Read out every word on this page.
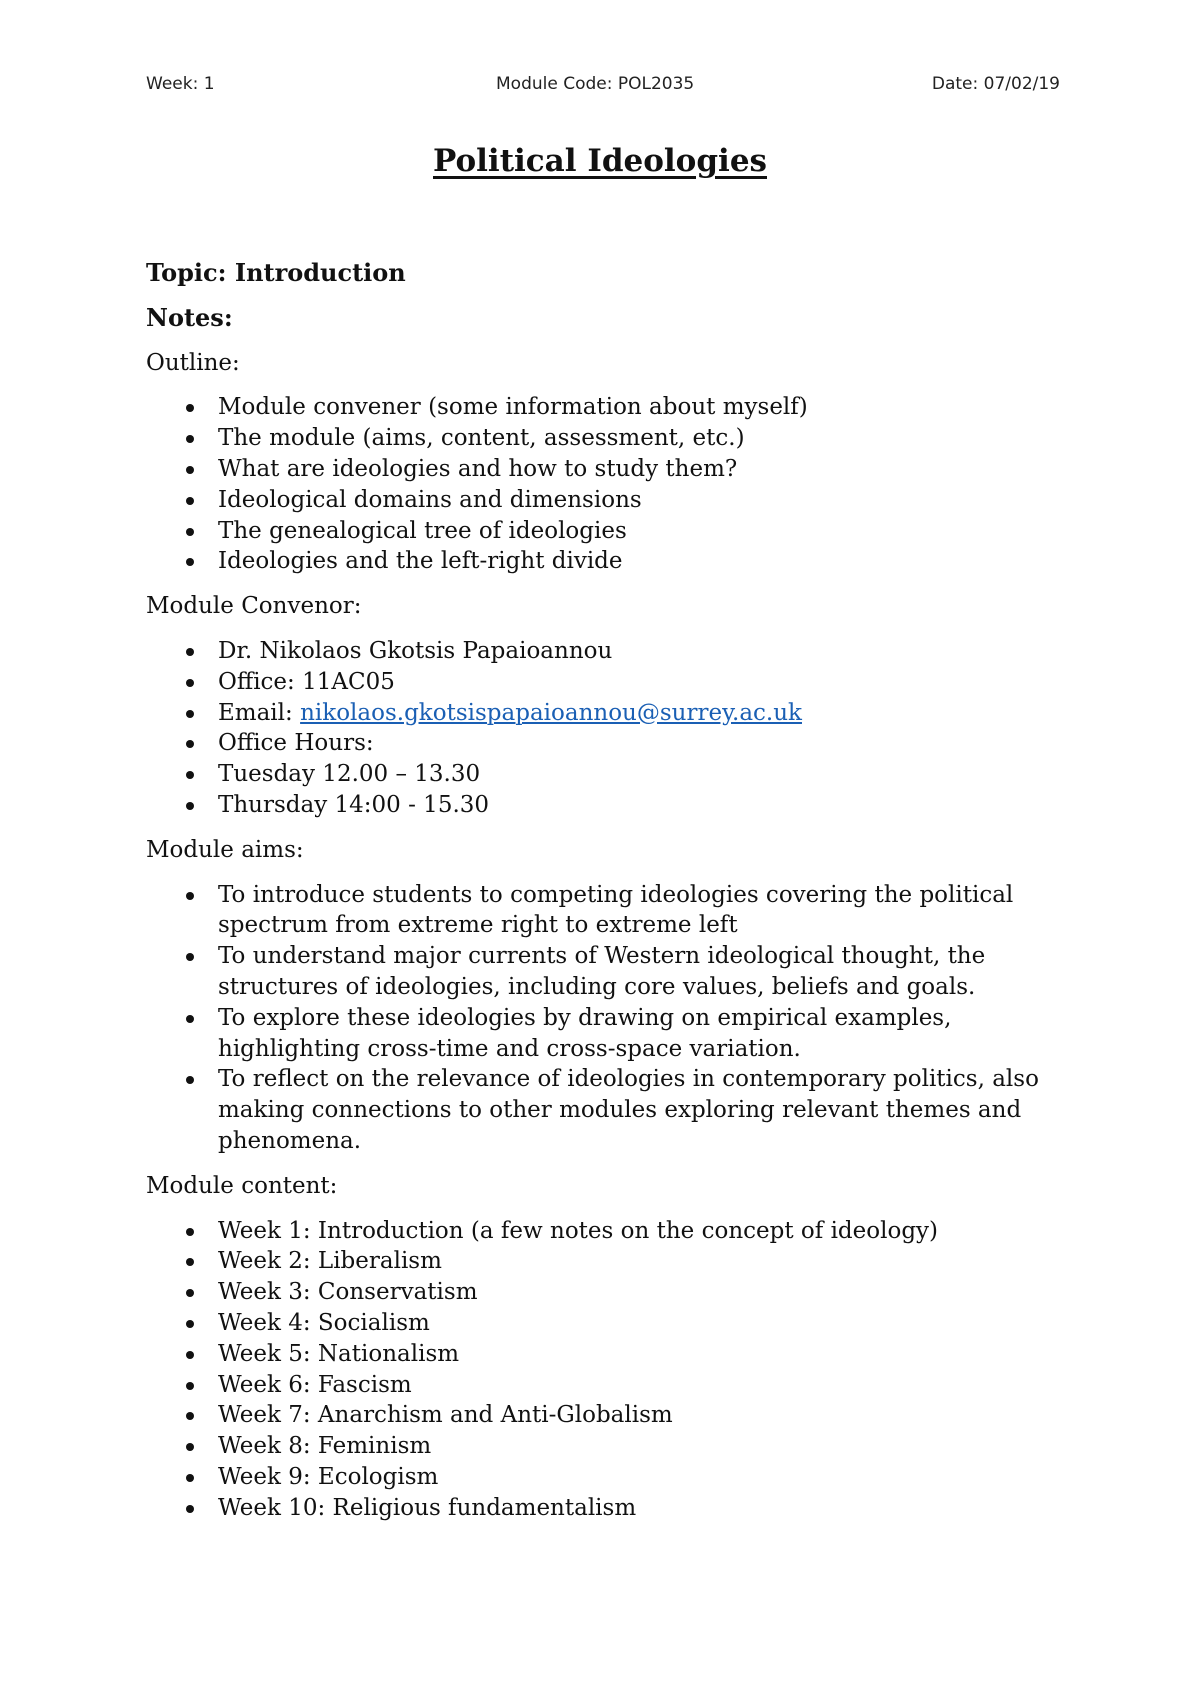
Week: 1	Module Code: POL2035	Date: 07/02/19
Political Ideologies

Topic: Introduction

Notes:

Outline:

Module convener (some information about myself)
The module (aims, content, assessment, etc.)
What are ideologies and how to study them?
Ideological domains and dimensions
The genealogical tree of ideologies
Ideologies and the left-right divide

Module Convenor:

Dr. Nikolaos Gkotsis Papaioannou
Office: 11AC05
Email: nikolaos.gkotsispapaioannou@surrey.ac.uk
Office Hours:
Tuesday 12.00 – 13.30
Thursday 14:00 - 15.30

Module aims:

To introduce students to competing ideologies covering the political spectrum from extreme right to extreme left
To understand major currents of Western ideological thought, the structures of ideologies, including core values, beliefs and goals.
To explore these ideologies by drawing on empirical examples, highlighting cross-time and cross-space variation.
To reflect on the relevance of ideologies in contemporary politics, also making connections to other modules exploring relevant themes and phenomena.

Module content:

Week 1: Introduction (a few notes on the concept of ideology)
Week 2: Liberalism
Week 3: Conservatism
Week 4: Socialism
Week 5: Nationalism
Week 6: Fascism
Week 7: Anarchism and Anti-Globalism
Week 8: Feminism
Week 9: Ecologism
Week 10: Religious fundamentalism
